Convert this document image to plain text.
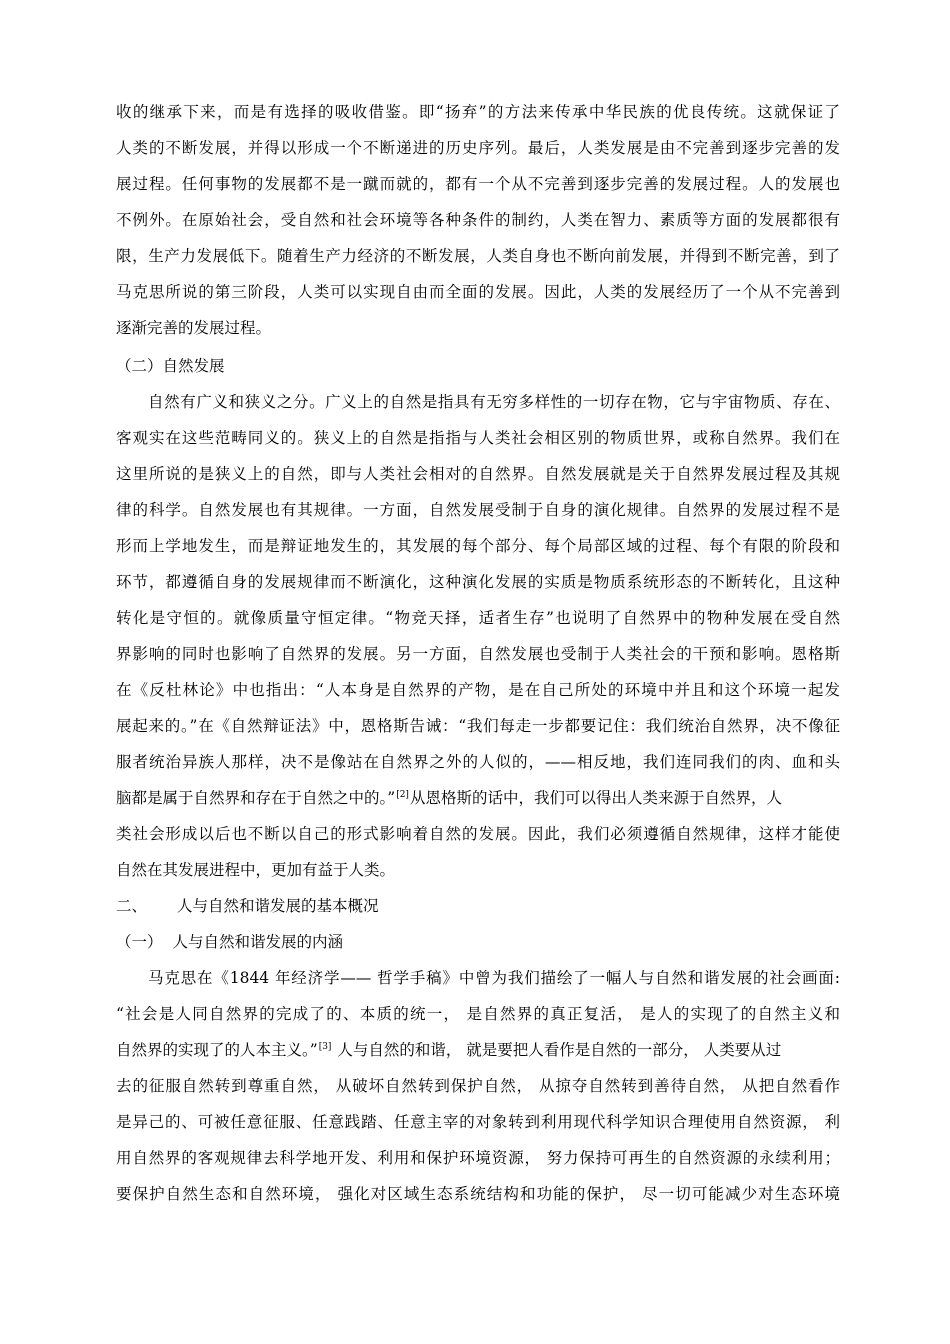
收的继承下来，而是有选择的吸收借鉴。即“扬弃”的方法来传承中华民族的优良传统。这就保证了
人类的不断发展，并得以形成一个不断递进的历史序列。最后，人类发展是由不完善到逐步完善的发
展过程。任何事物的发展都不是一蹴而就的，都有一个从不完善到逐步完善的发展过程。人的发展也
不例外。在原始社会，受自然和社会环境等各种条件的制约，人类在智力、素质等方面的发展都很有
限，生产力发展低下。随着生产力经济的不断发展，人类自身也不断向前发展，并得到不断完善，到了
马克思所说的第三阶段，人类可以实现自由而全面的发展。因此，人类的发展经历了一个从不完善到
逐渐完善的发展过程。
（二）自然发展
自然有广义和狭义之分。广义上的自然是指具有无穷多样性的一切存在物，它与宇宙物质、存在、
客观实在这些范畴同义的。狭义上的自然是指指与人类社会相区别的物质世界，或称自然界。我们在
这里所说的是狭义上的自然，即与人类社会相对的自然界。自然发展就是关于自然界发展过程及其规
律的科学。自然发展也有其规律。一方面，自然发展受制于自身的演化规律。自然界的发展过程不是
形而上学地发生，而是辩证地发生的，其发展的每个部分、每个局部区域的过程、每个有限的阶段和
环节，都遵循自身的发展规律而不断演化，这种演化发展的实质是物质系统形态的不断转化，且这种
转化是守恒的。就像质量守恒定律。“物竞天择，适者生存”也说明了自然界中的物种发展在受自然
界影响的同时也影响了自然界的发展。另一方面，自然发展也受制于人类社会的干预和影响。恩格斯
在《反杜林论》中也指出：“人本身是自然界的产物，是在自己所处的环境中并且和这个环境一起发
展起来的。”在《自然辩证法》中，恩格斯告诫：“我们每走一步都要记住：我们统治自然界，决不像征
服者统治异族人那样，决不是像站在自然界之外的人似的，——相反地，我们连同我们的肉、血和头
脑都是属于自然界和存在于自然之中的。”[2]从恩格斯的话中，我们可以得出人类来源于自然界，人
类社会形成以后也不断以自己的形式影响着自然的发展。因此，我们必须遵循自然规律，这样才能使
自然在其发展进程中，更加有益于人类。
二、 人与自然和谐发展的基本概况
（一） 人与自然和谐发展的内涵
马克思在《1844 年经济学—— 哲学手稿》中曾为我们描绘了一幅人与自然和谐发展的社会画面:
“社会是人同自然界的完成了的、本质的统一， 是自然界的真正复活， 是人的实现了的自然主义和
自然界的实现了的人本主义。”[3] 人与自然的和谐， 就是要把人看作是自然的一部分， 人类要从过
去的征服自然转到尊重自然， 从破坏自然转到保护自然， 从掠夺自然转到善待自然， 从把自然看作
是异己的、可被任意征服、任意践踏、任意主宰的对象转到利用现代科学知识合理使用自然资源， 利
用自然界的客观规律去科学地开发、利用和保护环境资源， 努力保持可再生的自然资源的永续利用；
要保护自然生态和自然环境， 强化对区域生态系统结构和功能的保护， 尽一切可能减少对生态环境
